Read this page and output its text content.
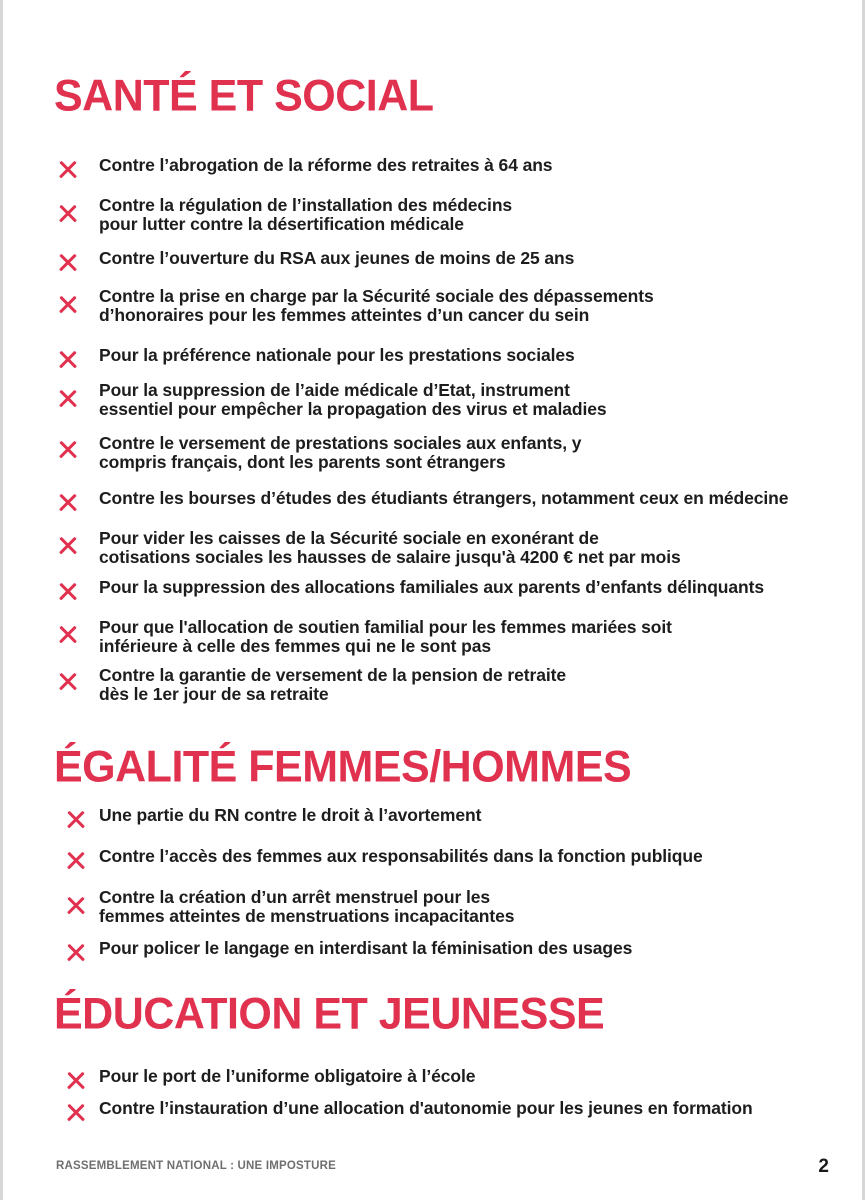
SANTÉ ET SOCIAL
Contre l’abrogation de la réforme des retraites à 64 ans
Contre la régulation de l’installation des médecins
pour lutter contre la désertification médicale
Contre l’ouverture du RSA aux jeunes de moins de 25 ans
Contre la prise en charge par la Sécurité sociale des dépassements
d’honoraires pour les femmes atteintes d’un cancer du sein
Pour la préférence nationale pour les prestations sociales
Pour la suppression de l’aide médicale d’Etat, instrument
essentiel pour empêcher la propagation des virus et maladies
Contre le versement de prestations sociales aux enfants, y
compris français, dont les parents sont étrangers
Contre les bourses d’études des étudiants étrangers, notamment ceux en médecine
Pour vider les caisses de la Sécurité sociale en exonérant de
cotisations sociales les hausses de salaire jusqu'à 4200 € net par mois
Pour la suppression des allocations familiales aux parents d’enfants délinquants
Pour que l'allocation de soutien familial pour les femmes mariées soit
inférieure à celle des femmes qui ne le sont pas
Contre la garantie de versement de la pension de retraite
dès le 1er jour de sa retraite
ÉGALITÉ FEMMES/HOMMES
Une partie du RN contre le droit à l’avortement
Contre l’accès des femmes aux responsabilités dans la fonction publique
Contre la création d’un arrêt menstruel pour les
femmes atteintes de menstruations incapacitantes
Pour policer le langage en interdisant la féminisation des usages
ÉDUCATION ET JEUNESSE
Pour le port de l’uniforme obligatoire à l’école
Contre l’instauration d’une allocation d'autonomie pour les jeunes en formation
RASSEMBLEMENT NATIONAL : UNE IMPOSTURE	2
